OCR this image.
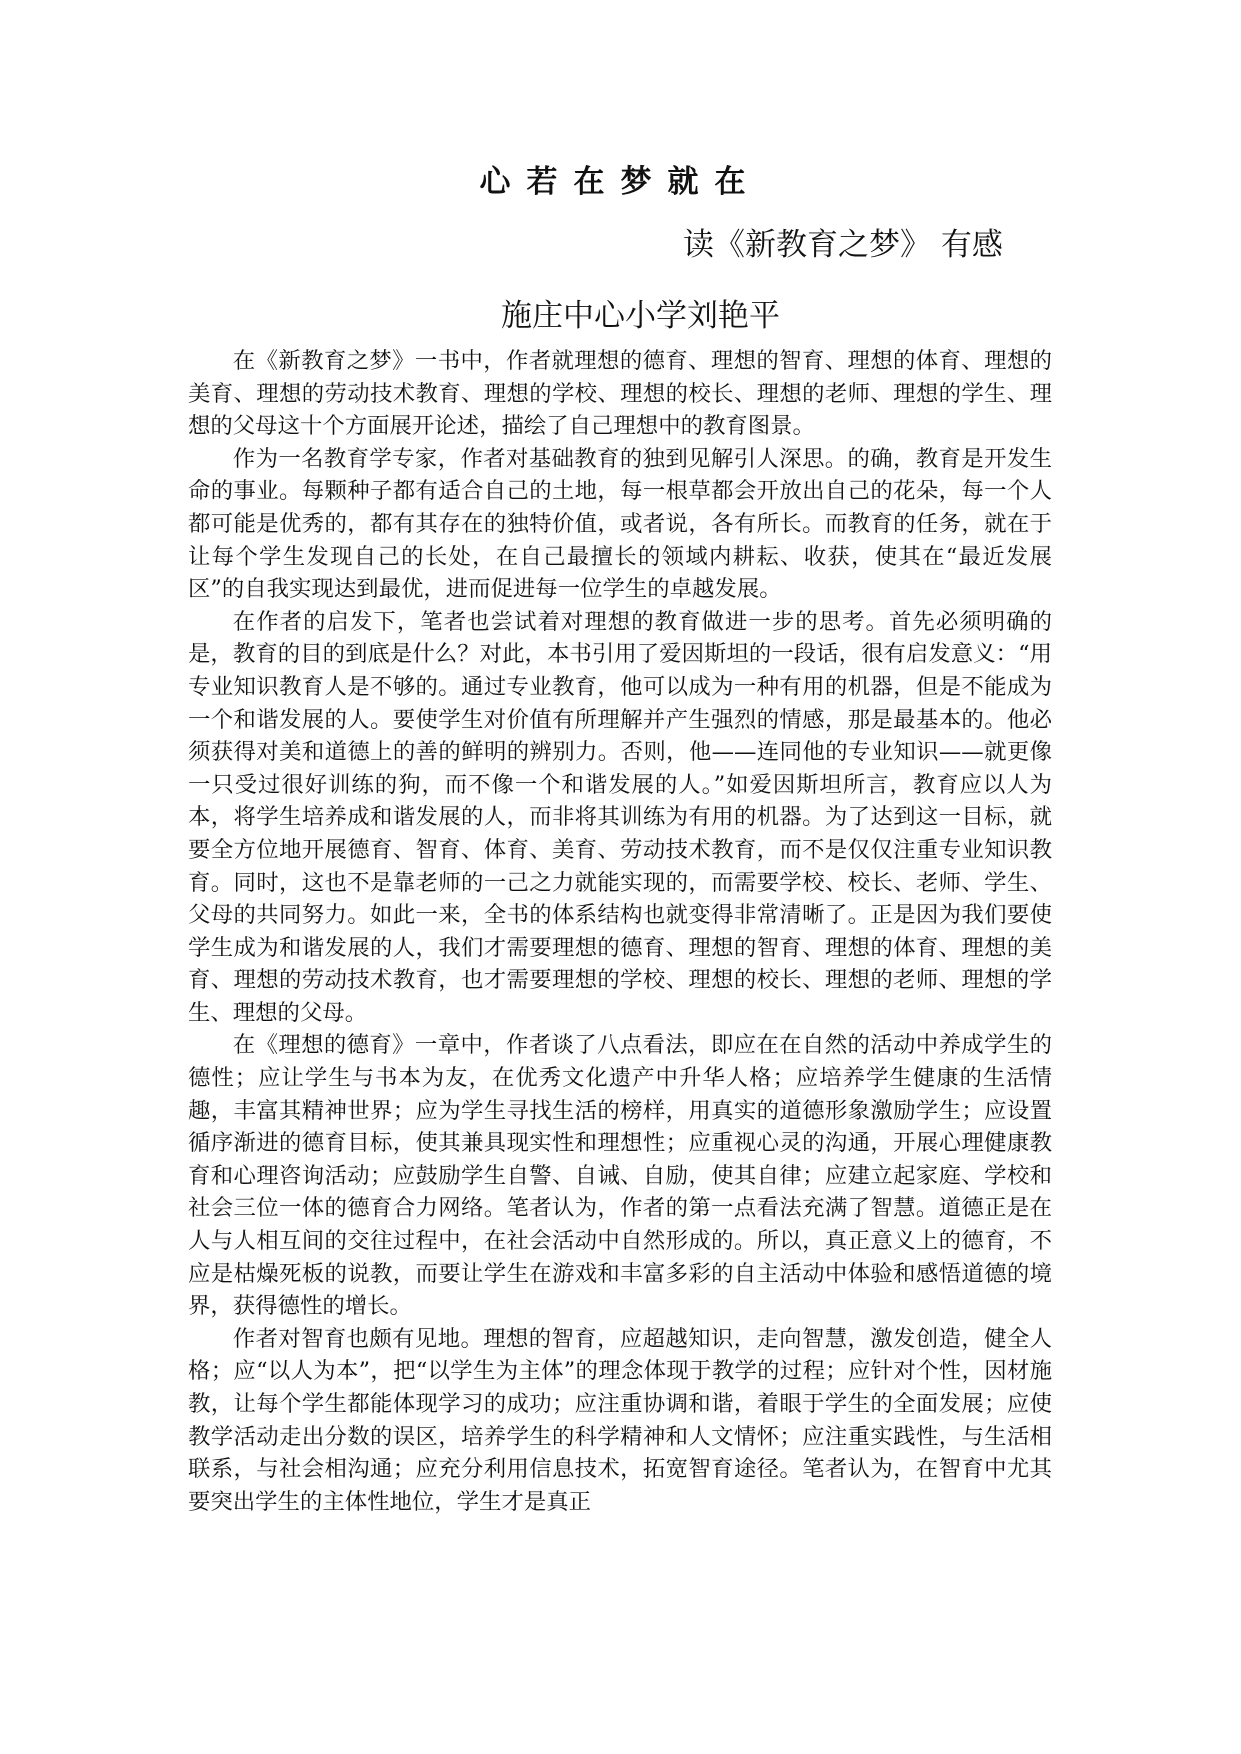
心若在梦就在
读《新教育之梦》 有感
施庄中心小学刘艳平

在《新教育之梦》一书中，作者就理想的德育、理想的智育、理想的体育、理想的美育、理想的劳动技术教育、理想的学校、理想的校长、理想的老师、理想的学生、理想的父母这十个方面展开论述，描绘了自己理想中的教育图景。

作为一名教育学专家，作者对基础教育的独到见解引人深思。的确，教育是开发生命的事业。每颗种子都有适合自己的土地，每一根草都会开放出自己的花朵，每一个人都可能是优秀的，都有其存在的独特价值，或者说，各有所长。而教育的任务，就在于让每个学生发现自己的长处，在自己最擅长的领域内耕耘、收获，使其在“最近发展区”的自我实现达到最优，进而促进每一位学生的卓越发展。

在作者的启发下，笔者也尝试着对理想的教育做进一步的思考。首先必须明确的是，教育的目的到底是什么？对此，本书引用了爱因斯坦的一段话，很有启发意义：“用专业知识教育人是不够的。通过专业教育，他可以成为一种有用的机器，但是不能成为一个和谐发展的人。要使学生对价值有所理解并产生强烈的情感，那是最基本的。他必须获得对美和道德上的善的鲜明的辨别力。否则，他——连同他的专业知识——就更像一只受过很好训练的狗，而不像一个和谐发展的人。”如爱因斯坦所言，教育应以人为本，将学生培养成和谐发展的人，而非将其训练为有用的机器。为了达到这一目标，就要全方位地开展德育、智育、体育、美育、劳动技术教育，而不是仅仅注重专业知识教育。同时，这也不是靠老师的一己之力就能实现的，而需要学校、校长、老师、学生、父母的共同努力。如此一来，全书的体系结构也就变得非常清晰了。正是因为我们要使学生成为和谐发展的人，我们才需要理想的德育、理想的智育、理想的体育、理想的美育、理想的劳动技术教育，也才需要理想的学校、理想的校长、理想的老师、理想的学生、理想的父母。

在《理想的德育》一章中，作者谈了八点看法，即应在在自然的活动中养成学生的德性；应让学生与书本为友，在优秀文化遗产中升华人格；应培养学生健康的生活情趣，丰富其精神世界；应为学生寻找生活的榜样，用真实的道德形象激励学生；应设置循序渐进的德育目标，使其兼具现实性和理想性；应重视心灵的沟通，开展心理健康教育和心理咨询活动；应鼓励学生自警、自诫、自励，使其自律；应建立起家庭、学校和社会三位一体的德育合力网络。笔者认为，作者的第一点看法充满了智慧。道德正是在人与人相互间的交往过程中，在社会活动中自然形成的。所以，真正意义上的德育，不应是枯燥死板的说教，而要让学生在游戏和丰富多彩的自主活动中体验和感悟道德的境界，获得德性的增长。

作者对智育也颇有见地。理想的智育，应超越知识，走向智慧，激发创造，健全人格；应“以人为本”，把“以学生为主体”的理念体现于教学的过程；应针对个性，因材施教，让每个学生都能体现学习的成功；应注重协调和谐，着眼于学生的全面发展；应使教学活动走出分数的误区，培养学生的科学精神和人文情怀；应注重实践性，与生活相联系，与社会相沟通；应充分利用信息技术，拓宽智育途径。笔者认为，在智育中尤其要突出学生的主体性地位，学生才是真正
